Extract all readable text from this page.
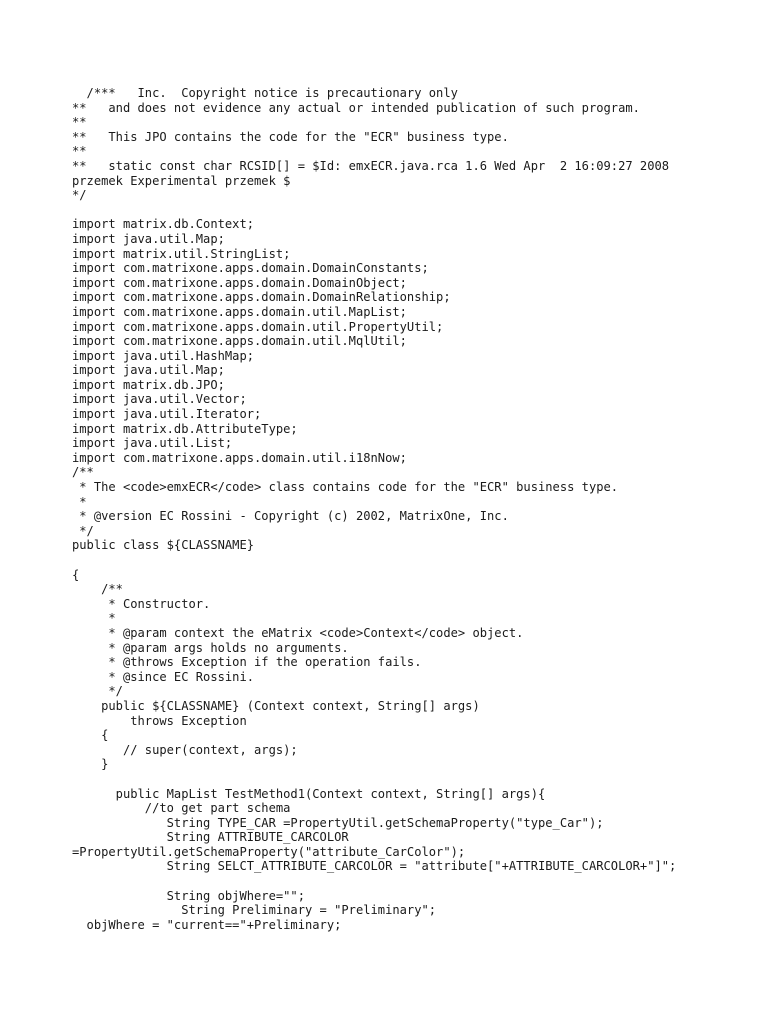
/***   Inc.  Copyright notice is precautionary only
**   and does not evidence any actual or intended publication of such program.
**
**   This JPO contains the code for the "ECR" business type.
**
**   static const char RCSID[] = $Id: emxECR.java.rca 1.6 Wed Apr  2 16:09:27 2008
przemek Experimental przemek $
*/
import matrix.db.Context;
import java.util.Map;
import matrix.util.StringList;
import com.matrixone.apps.domain.DomainConstants;
import com.matrixone.apps.domain.DomainObject;
import com.matrixone.apps.domain.DomainRelationship;
import com.matrixone.apps.domain.util.MapList;
import com.matrixone.apps.domain.util.PropertyUtil;
import com.matrixone.apps.domain.util.MqlUtil;
import java.util.HashMap;
import java.util.Map;
import matrix.db.JPO;
import java.util.Vector;
import java.util.Iterator;
import matrix.db.AttributeType;
import java.util.List;
import com.matrixone.apps.domain.util.i18nNow;
/**
* The <code>emxECR</code> class contains code for the "ECR" business type.
*
* @version EC Rossini - Copyright (c) 2002, MatrixOne, Inc.
*/
public class ${CLASSNAME}
{
/**
* Constructor.
*
* @param context the eMatrix <code>Context</code> object.
* @param args holds no arguments.
* @throws Exception if the operation fails.
* @since EC Rossini.
*/
public ${CLASSNAME} (Context context, String[] args)
throws Exception
{
// super(context, args);
}
public MapList TestMethod1(Context context, String[] args){
//to get part schema
String TYPE_CAR =PropertyUtil.getSchemaProperty("type_Car");
String ATTRIBUTE_CARCOLOR
=PropertyUtil.getSchemaProperty("attribute_CarColor");
String SELCT_ATTRIBUTE_CARCOLOR = "attribute["+ATTRIBUTE_CARCOLOR+"]";
String objWhere="";
String Preliminary = "Preliminary";
objWhere = "current=="+Preliminary;
